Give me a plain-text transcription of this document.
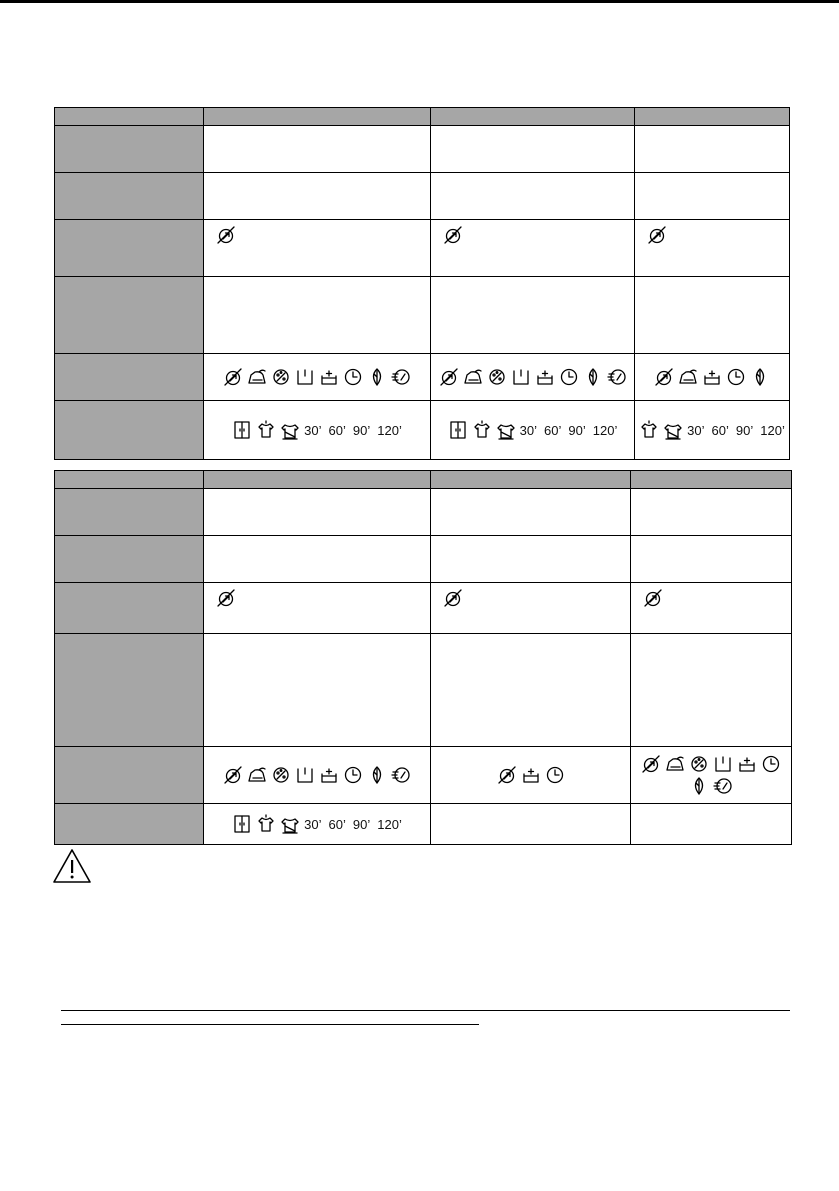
	30’ 60’ 90’ 120’	30’ 60’ 90’ 120’	30’ 60’ 90’ 120’

	30’ 60’ 90’ 120’		
